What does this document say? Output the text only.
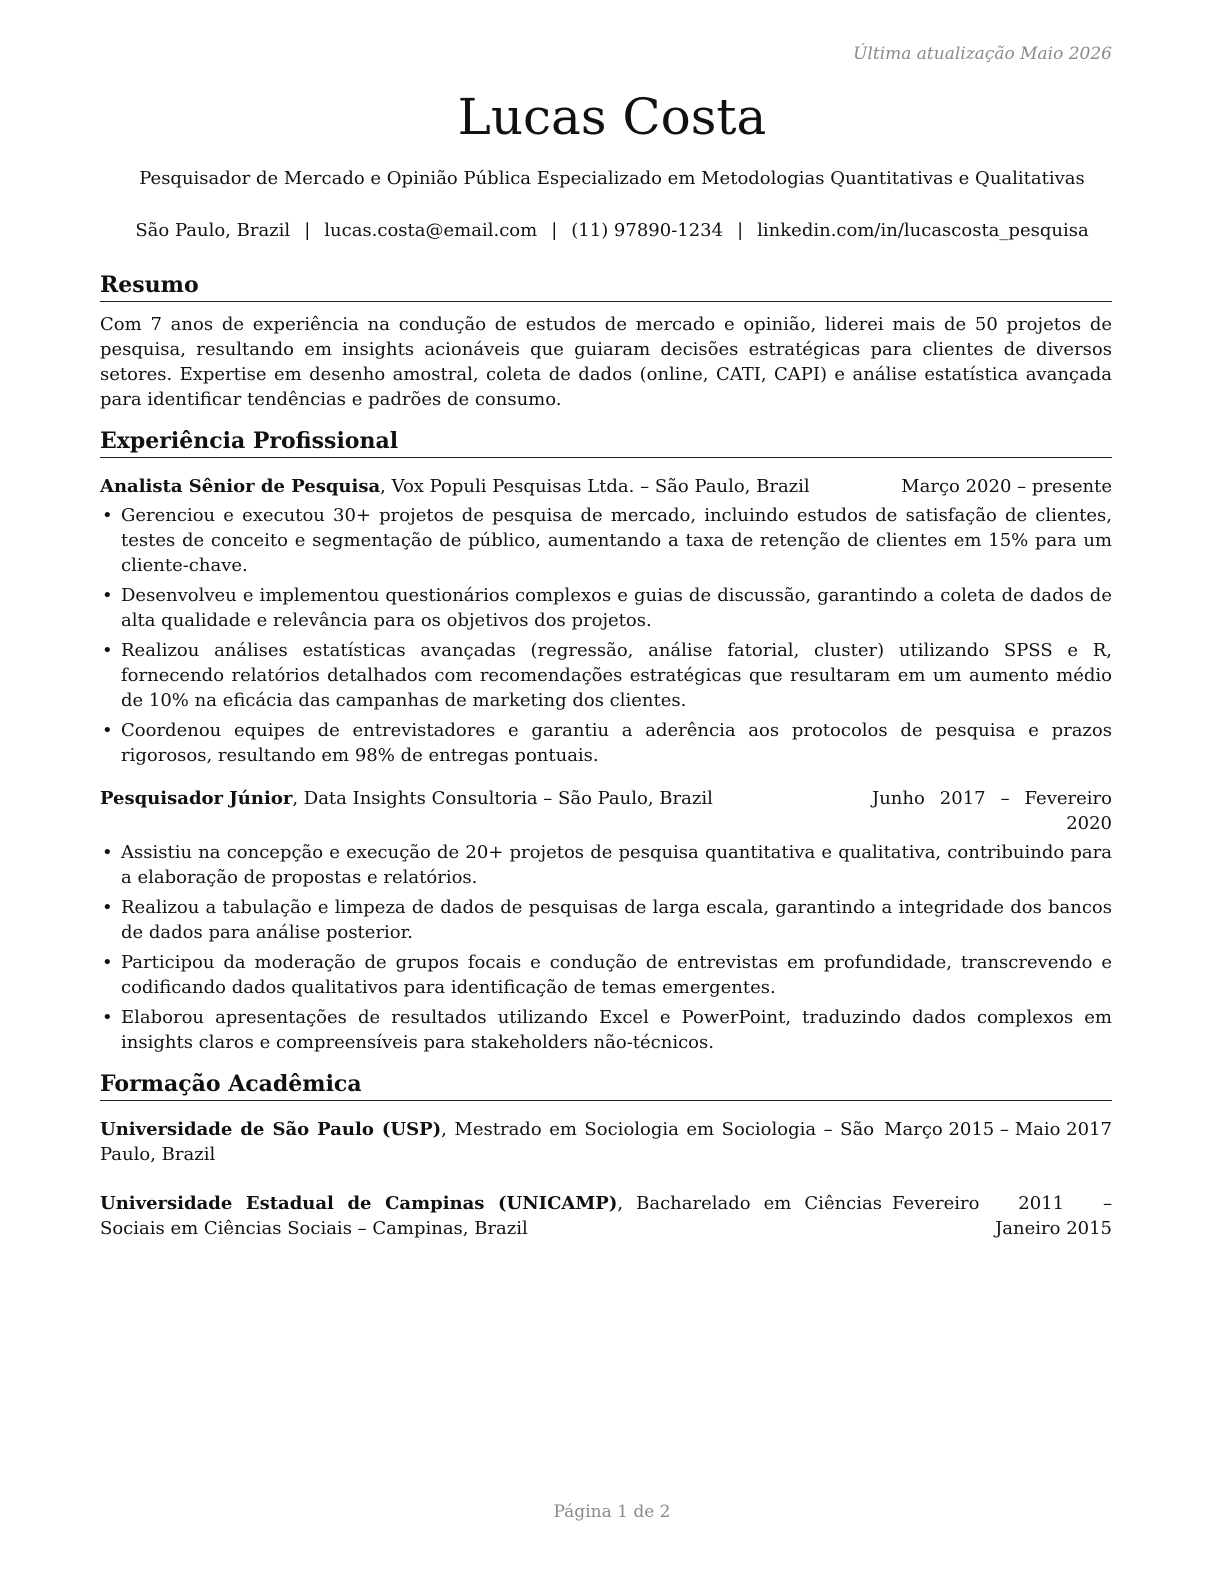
Última atualização Maio 2026
Lucas Costa
Pesquisador de Mercado e Opinião Pública Especializado em Metodologias Quantitativas e Qualitativas
São Paulo, Brazil | lucas.costa@email.com | (11) 97890-1234 | linkedin.com/in/lucascosta_pesquisa
Resumo

Com 7 anos de experiência na condução de estudos de mercado e opinião, liderei mais de 50 projetos de pesquisa, resultando em insights acionáveis que guiaram decisões estratégicas para clientes de diversos setores. Expertise em desenho amostral, coleta de dados (online, CATI, CAPI) e análise estatística avançada para identificar tendências e padrões de consumo.

Experiência Profissional
Analista Sênior de Pesquisa, Vox Populi Pesquisas Ltda. – São Paulo, Brazil	Março 2020 – presente
• Gerenciou e executou 30+ projetos de pesquisa de mercado, incluindo estudos de satisfação de clientes, testes de conceito e segmentação de público, aumentando a taxa de retenção de clientes em 15% para um cliente-chave.
• Desenvolveu e implementou questionários complexos e guias de discussão, garantindo a coleta de dados de alta qualidade e relevância para os objetivos dos projetos.
• Realizou análises estatísticas avançadas (regressão, análise fatorial, cluster) utilizando SPSS e R, fornecendo relatórios detalhados com recomendações estratégicas que resultaram em um aumento médio de 10% na eficácia das campanhas de marketing dos clientes.
• Coordenou equipes de entrevistadores e garantiu a aderência aos protocolos de pesquisa e prazos rigorosos, resultando em 98% de entregas pontuais.
Pesquisador Júnior, Data Insights Consultoria – São Paulo, Brazil	Junho 2017 – Fevereiro 2020
• Assistiu na concepção e execução de 20+ projetos de pesquisa quantitativa e qualitativa, contribuindo para a elaboração de propostas e relatórios.
• Realizou a tabulação e limpeza de dados de pesquisas de larga escala, garantindo a integridade dos bancos de dados para análise posterior.
• Participou da moderação de grupos focais e condução de entrevistas em profundidade, transcrevendo e codificando dados qualitativos para identificação de temas emergentes.
• Elaborou apresentações de resultados utilizando Excel e PowerPoint, traduzindo dados complexos em insights claros e compreensíveis para stakeholders não-técnicos.
Formação Acadêmica
Universidade de São Paulo (USP), Mestrado em Sociologia em Sociologia – São Paulo, Brazil
Março 2015 – Maio 2017
Universidade Estadual de Campinas (UNICAMP), Bacharelado em Ciências Sociais em Ciências Sociais – Campinas, Brazil
Fevereiro 2011 – Janeiro 2015
Página 1 de 2
